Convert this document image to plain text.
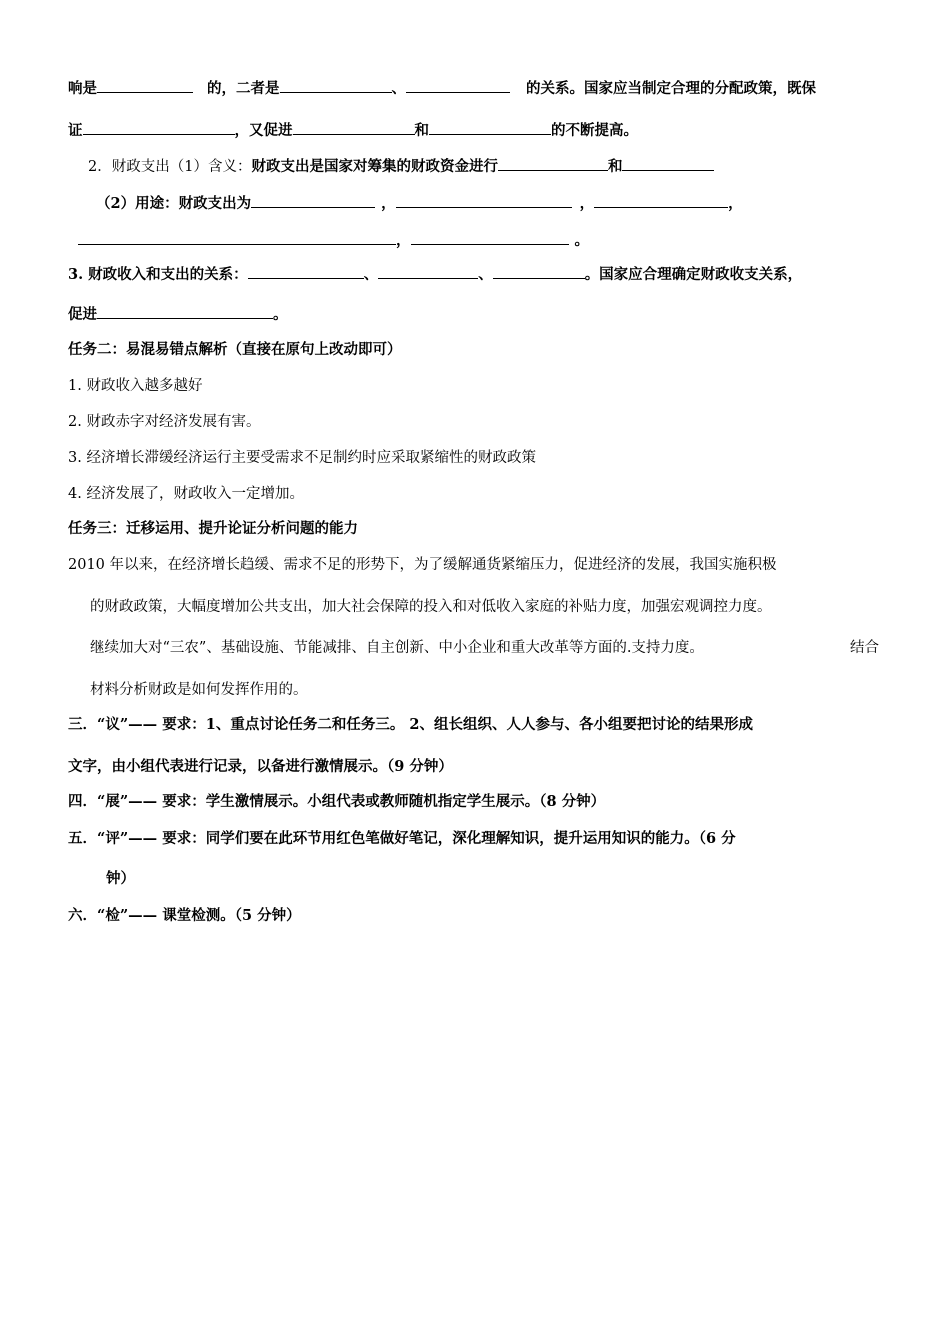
响是	的，二者是	、	的关系。国家应当制定合理的分配政策，既保
证	，又促进	和	的不断提高。
2．财政支出（1）含义：财政支出是国家对筹集的财政资金进行	和
（2）用途：财政支出为	，	，	，
，	。
3. 财政收入和支出的关系：	、	、	。国家应合理确定财政收支关系，
促进	。
任务二：易混易错点解析（直接在原句上改动即可）
1. 财政收入越多越好
2. 财政赤字对经济发展有害。
3. 经济增长滞缓经济运行主要受需求不足制约时应采取紧缩性的财政政策
4. 经济发展了，财政收入一定增加。
任务三：迁移运用、提升论证分析问题的能力
2010 年以来，在经济增长趋缓、需求不足的形势下，为了缓解通货紧缩压力，促进经济的发展，我国实施积极
的财政政策，大幅度增加公共支出，加大社会保障的投入和对低收入家庭的补贴力度，加强宏观调控力度。
继续加大对“三农”、基础设施、节能减排、自主创新、中小企业和重大改革等方面的.支持力度。	结合
材料分析财政是如何发挥作用的。
三．“议”—— 要求：1、重点讨论任务二和任务三。 2、组长组织、人人参与、各小组要把讨论的结果形成
文字，由小组代表进行记录，以备进行激情展示。（9 分钟）
四．“展”—— 要求：学生激情展示。小组代表或教师随机指定学生展示。（8 分钟）
五．“评”—— 要求：同学们要在此环节用红色笔做好笔记，深化理解知识，提升运用知识的能力。（6 分
钟）
六．“检”—— 课堂检测。（5 分钟）
